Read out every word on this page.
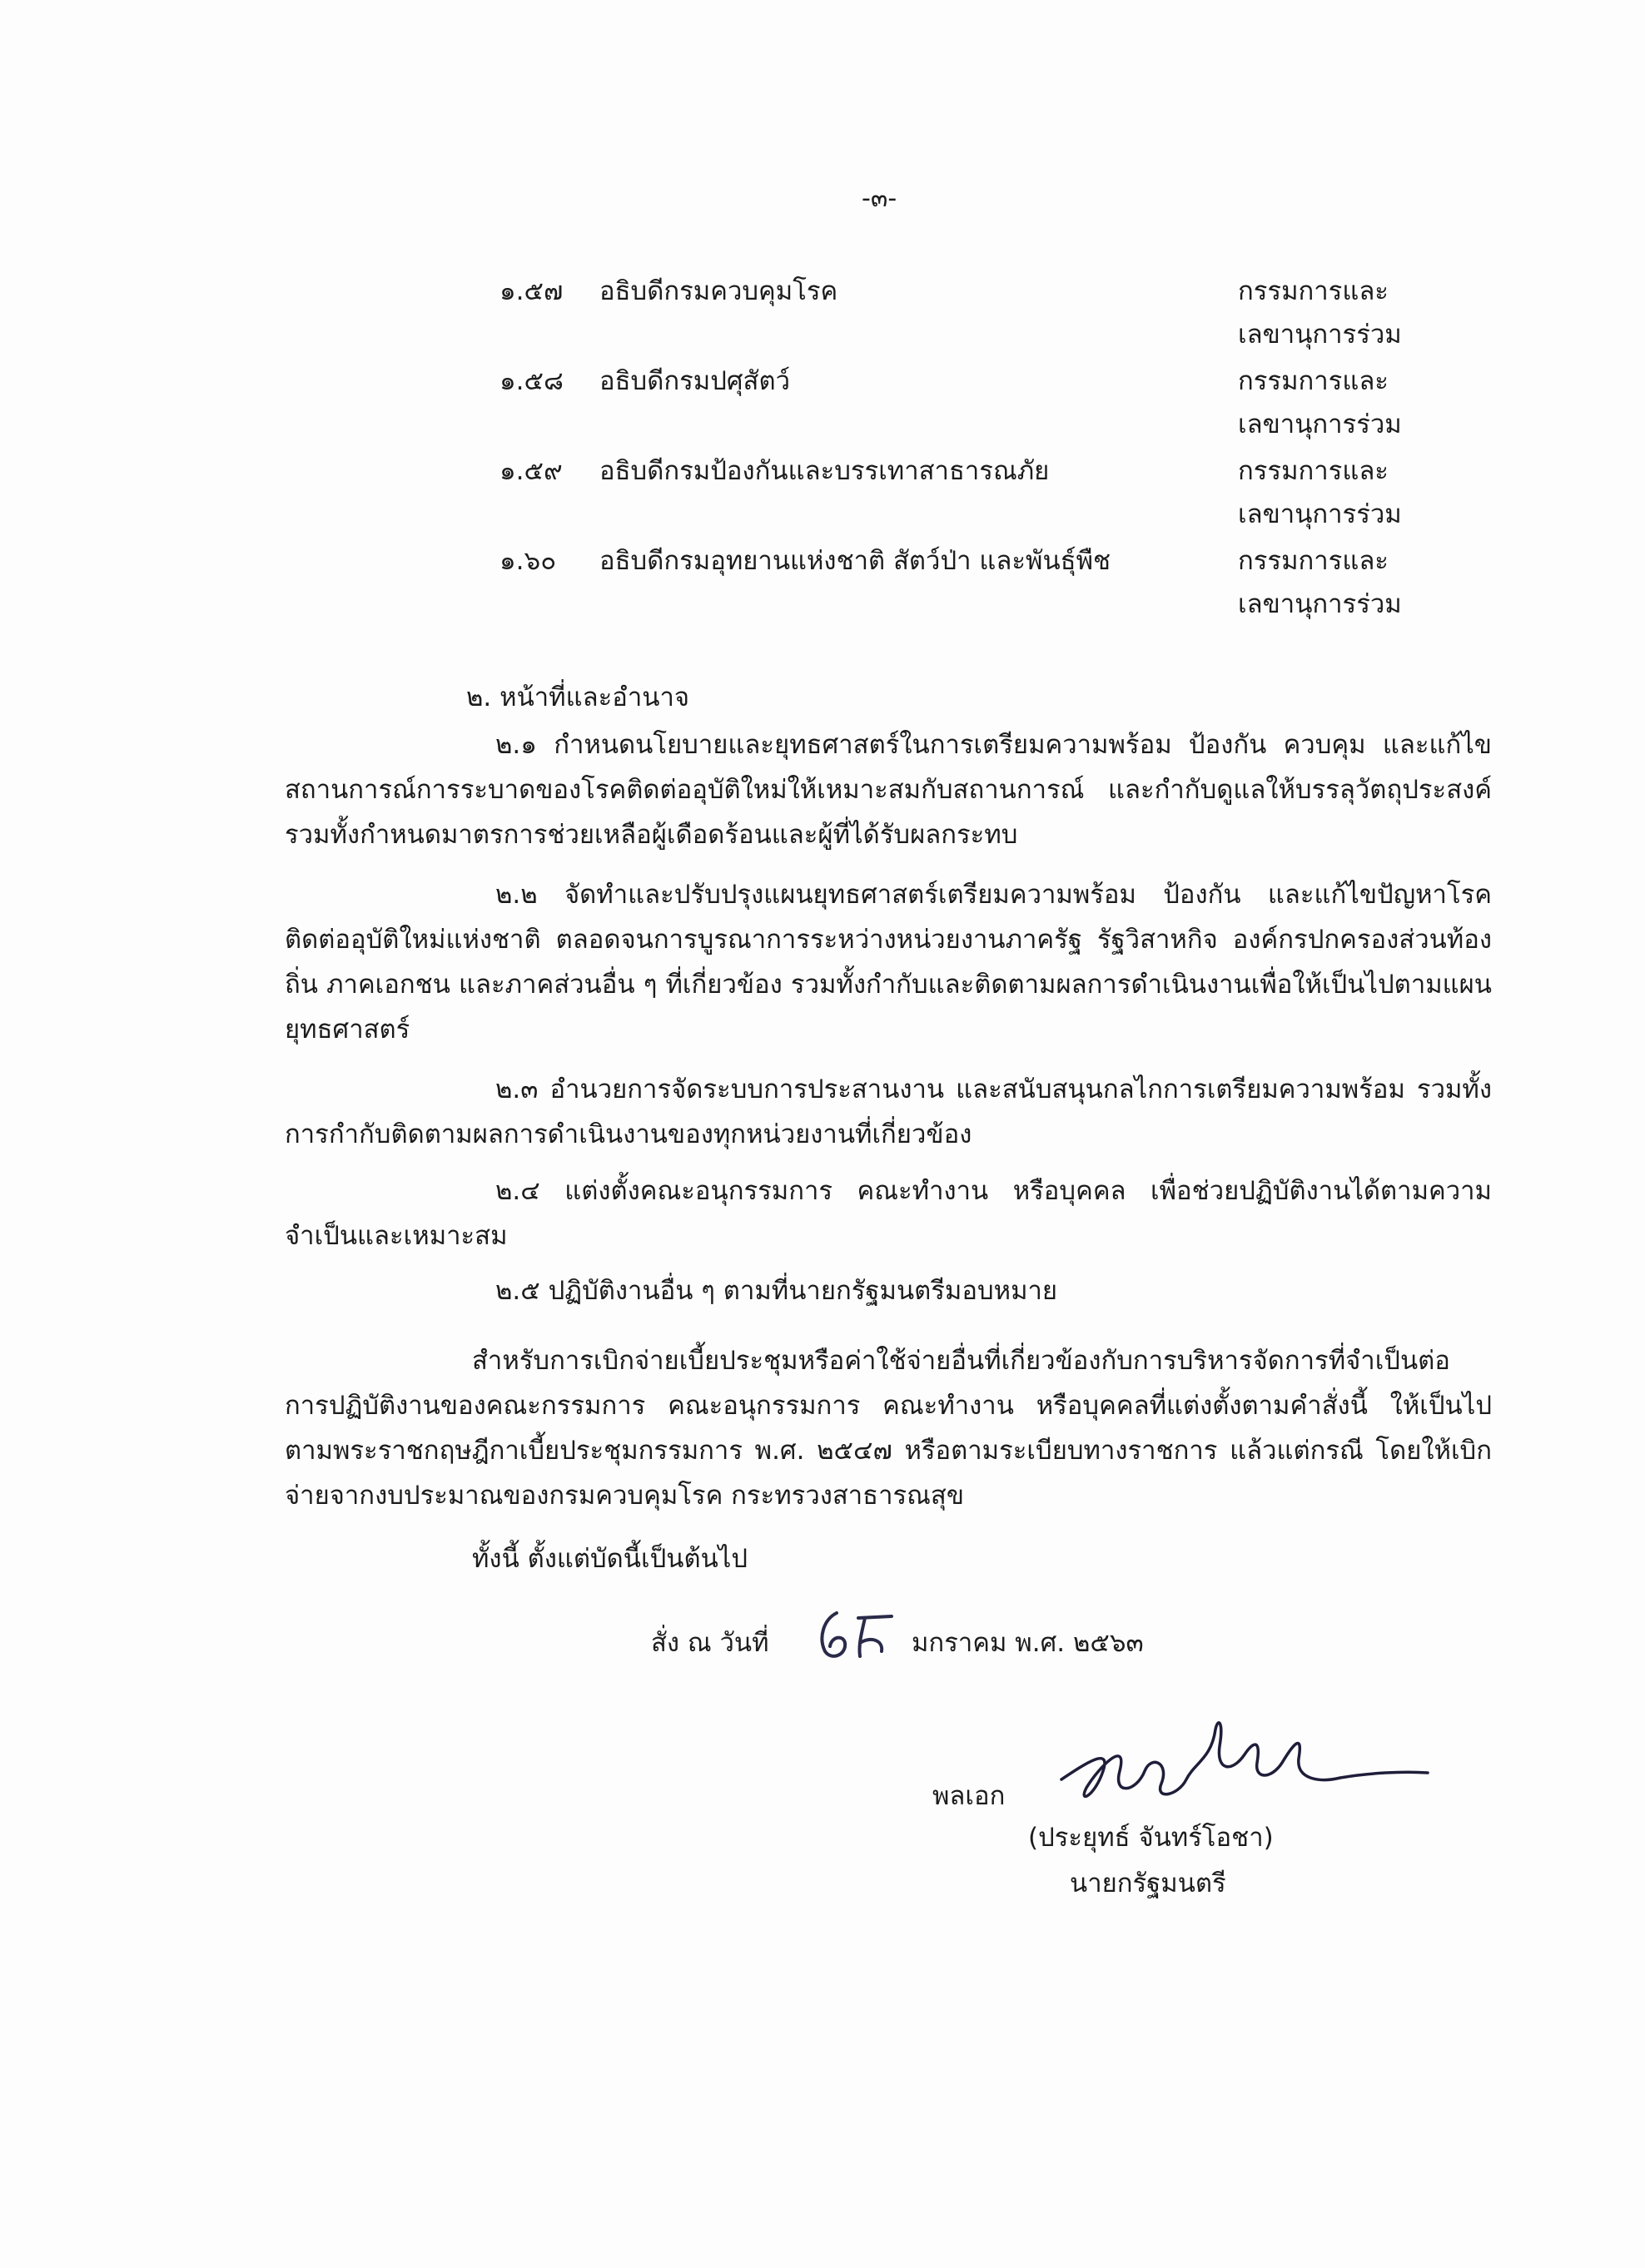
-๓-
๑.๕๗ อธิบดีกรมควบคุมโรค	กรรมการและ
เลขานุการร่วม
๑.๕๘ อธิบดีกรมปศุสัตว์	กรรมการและ
เลขานุการร่วม
๑.๕๙ อธิบดีกรมป้องกันและบรรเทาสาธารณภัย	กรรมการและ
เลขานุการร่วม
๑.๖๐ อธิบดีกรมอุทยานแห่งชาติ สัตว์ป่า และพันธุ์พืช	กรรมการและ
เลขานุการร่วม
๒. หน้าที่และอำนาจ

๒.๑ กำหนดนโยบายและยุทธศาสตร์ในการเตรียมความพร้อม ป้องกัน ควบคุม และแก้ไขสถานการณ์การระบาดของโรคติดต่ออุบัติใหม่ให้เหมาะสมกับสถานการณ์ และกำกับดูแลให้บรรลุวัตถุประสงค์ รวมทั้งกำหนดมาตรการช่วยเหลือผู้เดือดร้อนและผู้ที่ได้รับผลกระทบ

๒.๒ จัดทำและปรับปรุงแผนยุทธศาสตร์เตรียมความพร้อม ป้องกัน และแก้ไขปัญหาโรคติดต่ออุบัติใหม่แห่งชาติ ตลอดจนการบูรณาการระหว่างหน่วยงานภาครัฐ รัฐวิสาหกิจ องค์กรปกครองส่วนท้องถิ่น ภาคเอกชน และภาคส่วนอื่น ๆ ที่เกี่ยวข้อง รวมทั้งกำกับและติดตามผลการดำเนินงานเพื่อให้เป็นไปตามแผนยุทธศาสตร์

๒.๓ อำนวยการจัดระบบการประสานงาน และสนับสนุนกลไกการเตรียมความพร้อม รวมทั้งการกำกับติดตามผลการดำเนินงานของทุกหน่วยงานที่เกี่ยวข้อง

๒.๔ แต่งตั้งคณะอนุกรรมการ คณะทำงาน หรือบุคคล เพื่อช่วยปฏิบัติงานได้ตามความจำเป็นและเหมาะสม

๒.๕ ปฏิบัติงานอื่น ๆ ตามที่นายกรัฐมนตรีมอบหมาย

สำหรับการเบิกจ่ายเบี้ยประชุมหรือค่าใช้จ่ายอื่นที่เกี่ยวข้องกับการบริหารจัดการที่จำเป็นต่อการปฏิบัติงานของคณะกรรมการ คณะอนุกรรมการ คณะทำงาน หรือบุคคลที่แต่งตั้งตามคำสั่งนี้ ให้เป็นไปตามพระราชกฤษฎีกาเบี้ยประชุมกรรมการ พ.ศ. ๒๕๔๗ หรือตามระเบียบทางราชการ แล้วแต่กรณี โดยให้เบิกจ่ายจากงบประมาณของกรมควบคุมโรค กระทรวงสาธารณสุข

ทั้งนี้ ตั้งแต่บัดนี้เป็นต้นไป

สั่ง ณ วันที่	มกราคม พ.ศ. ๒๕๖๓
พลเอก
(ประยุทธ์ จันทร์โอชา)
นายกรัฐมนตรี
